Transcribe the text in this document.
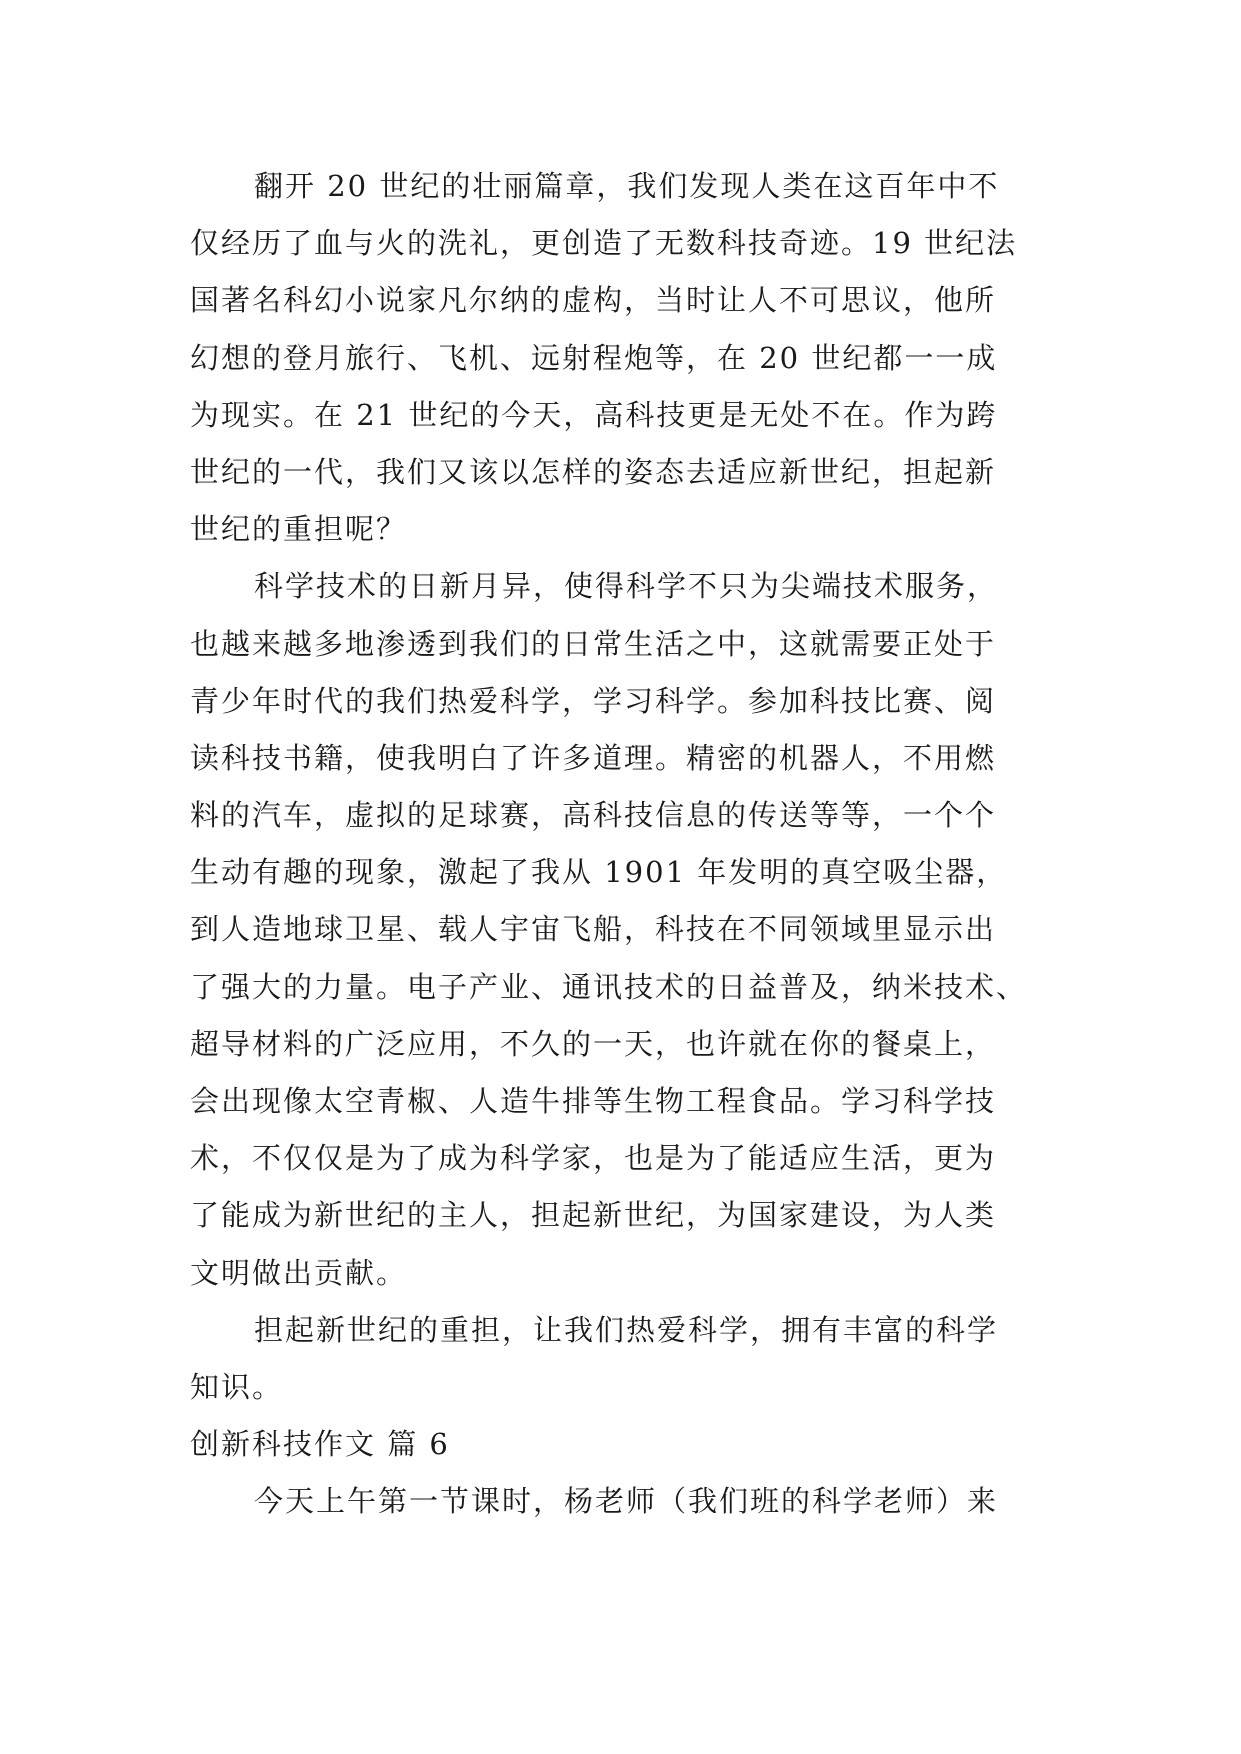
翻开 20 世纪的壮丽篇章，我们发现人类在这百年中不
仅经历了血与火的洗礼，更创造了无数科技奇迹。19 世纪法
国著名科幻小说家凡尔纳的虚构，当时让人不可思议，他所
幻想的登月旅行、飞机、远射程炮等，在 20 世纪都一一成
为现实。在 21 世纪的今天，高科技更是无处不在。作为跨
世纪的一代，我们又该以怎样的姿态去适应新世纪，担起新
世纪的重担呢？
科学技术的日新月异，使得科学不只为尖端技术服务，
也越来越多地渗透到我们的日常生活之中，这就需要正处于
青少年时代的我们热爱科学，学习科学。参加科技比赛、阅
读科技书籍，使我明白了许多道理。精密的机器人，不用燃
料的汽车，虚拟的足球赛，高科技信息的传送等等，一个个
生动有趣的现象，激起了我从 1901 年发明的真空吸尘器，
到人造地球卫星、载人宇宙飞船，科技在不同领域里显示出
了强大的力量。电子产业、通讯技术的日益普及，纳米技术、
超导材料的广泛应用，不久的一天，也许就在你的餐桌上，
会出现像太空青椒、人造牛排等生物工程食品。学习科学技
术，不仅仅是为了成为科学家，也是为了能适应生活，更为
了能成为新世纪的主人，担起新世纪，为国家建设，为人类
文明做出贡献。
担起新世纪的重担，让我们热爱科学，拥有丰富的科学
知识。
创新科技作文 篇 6
今天上午第一节课时，杨老师（我们班的科学老师）来
